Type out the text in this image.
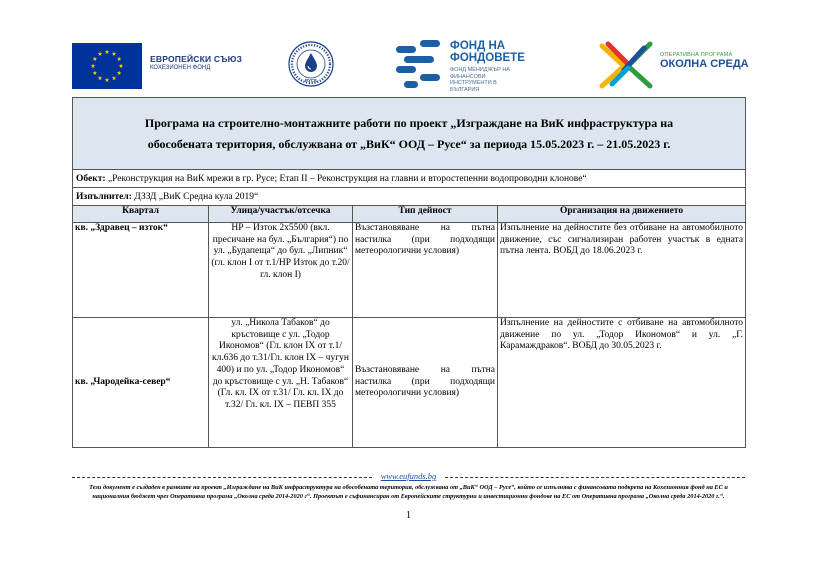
ЕВРОПЕЙСКИ СЪЮЗ
КОХЕЗИОНЕН ФОНД
РУСЕ
ФОНД НА
ФОНДОВЕТЕ
ФОНД МЕНИДЖЪР НА ФИНАНСОВИ ИНСТРУМЕНТИ В БЪЛГАРИЯ
ОПЕРАТИВНА ПРОГРАМА
ОКОЛНА СРЕДА
Програма на строително-монтажните работи по проект „Изграждане на ВиК инфраструктура на
обособената територия, обслужвана от „ВиК“ ООД – Русе“ за периода 15.05.2023 г. – 21.05.2023 г.			

Обект: „Реконструкция на ВиК мрежи в гр. Русе; Етап II – Реконструкция на главни и второстепенни водопроводни клонове“			
Изпълнител: ДЗЗД „ВиК Средна кула 2019“			
Квартал	Улица/участък/отсечка	Тип дейност	Организация на движението
кв. „Здравец – изток“	НР – Изток 2х5500 (вкл. пресичане на бул. „България“) по ул. „Будапеща“ до бул. „Липник“ (гл. клон I от т.1/НР Изток до т.20/ гл. клон I)	Възстановяване на пътна настилка (при подходящи метеорологични условия)	Изпълнение на дейностите без отбиване на автомобилното движение, със сигнализиран работен участък в едната пътна лента. ВОБД до 18.06.2023 г.
кв. „Чародейка-север“	ул. „Никола Табаков“ до кръстовище с ул. „Тодор Икономов“ (Гл. клон IX от т.1/кл.636 до т.31/Гл. клон IX – чугун 400) и по ул. „Тодор Икономов“ до кръстовище с ул. „Н. Табаков“ (Гл. кл. IX от т.31/ Гл. кл. IX до т.32/ Гл. кл. IX – ПЕВП 355	Възстановяване на пътна настилка (при подходящи метеорологични условия)	Изпълнение на дейностите с отбиване на автомобилното движение по ул. „Тодор Икономов“ и ул. „Г. Карамаждраков“. ВОБД до 30.05.2023 г.
www.eufunds.bg
Тези документ е създаден в рамките на проект „Изграждане на ВиК инфраструктура на обособената територия, обслужвана от „ВиК“ ООД – Русе“, който се изпълнява с финансовата подкрепа на Кохезионния фонд на ЕС и националния бюджет чрез Оперативна програма „Околна среда 2014-2020 г“. Проектът е съфинансиран от Европейските структурни и инвестиционни фондове на ЕС от Оперативна програма „Околна среда 2014-2020 г.“.
1
